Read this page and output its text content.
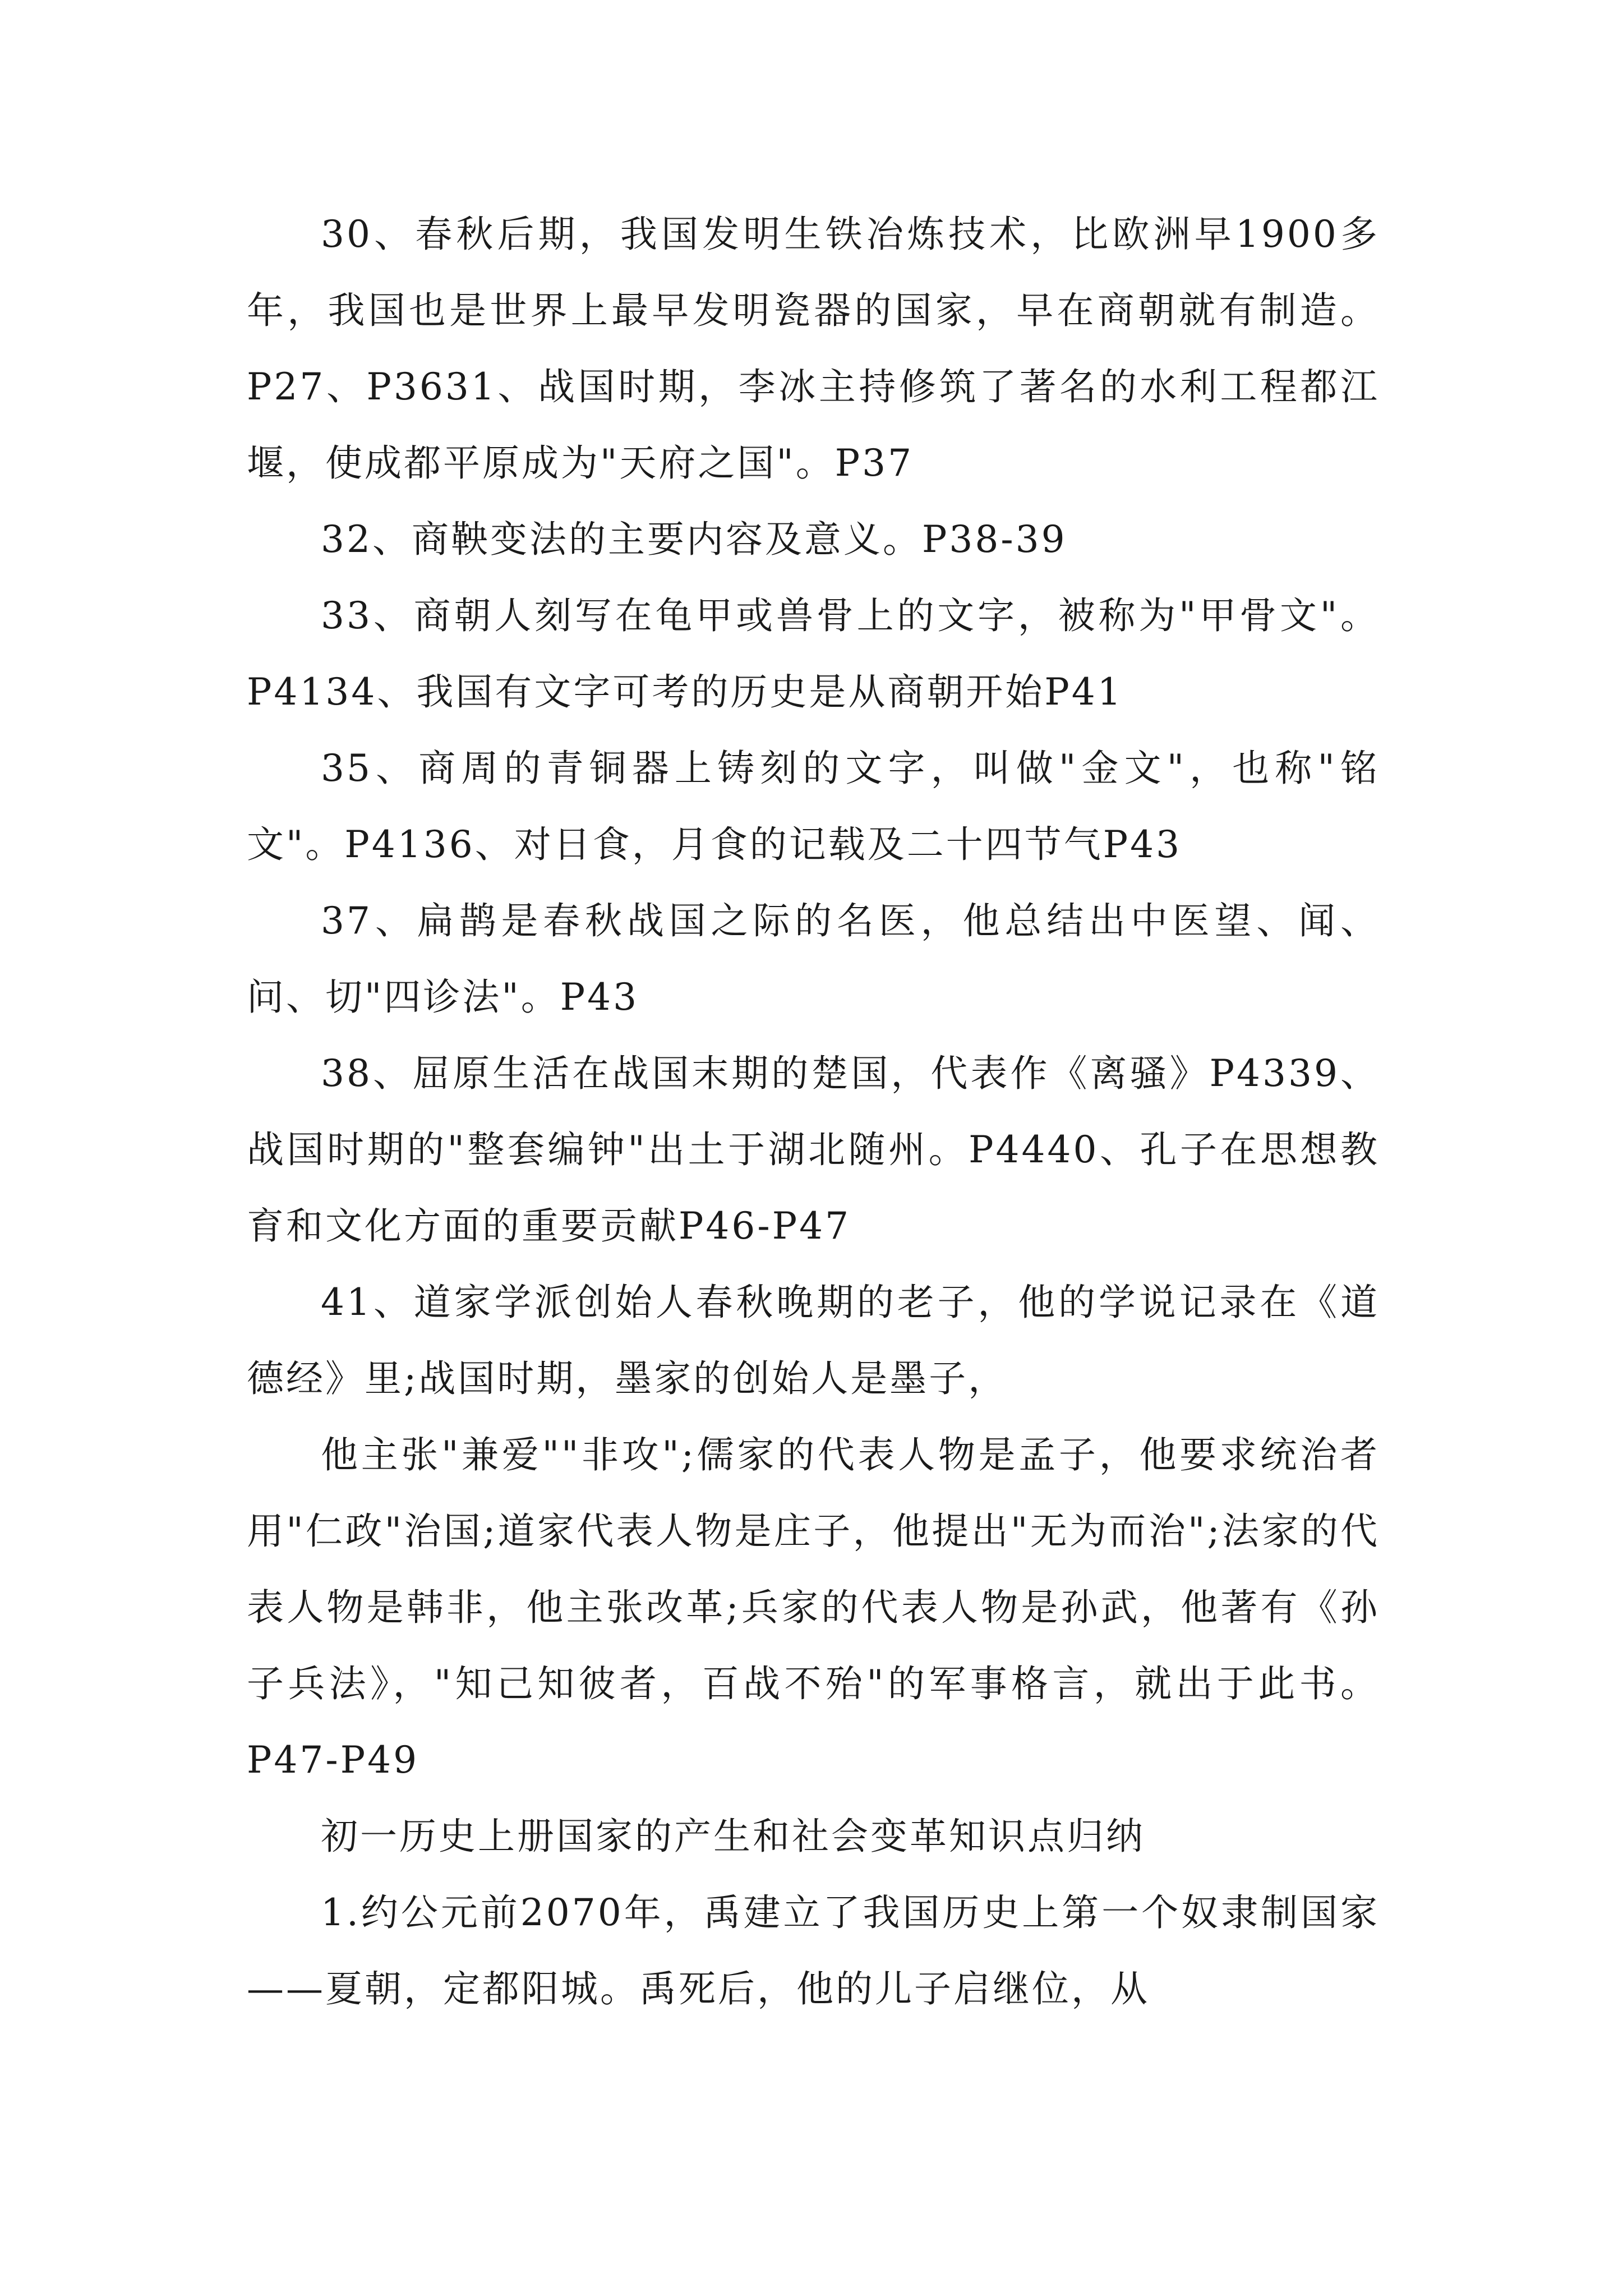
30、春秋后期，我国发明生铁冶炼技术，比欧洲早1900多年，我国也是世界上最早发明瓷器的国家，早在商朝就有制造。P27、P3631、战国时期，李冰主持修筑了著名的水利工程都江堰，使成都平原成为"天府之国"。P37

32、商鞅变法的主要内容及意义。P38-39

33、商朝人刻写在龟甲或兽骨上的文字，被称为"甲骨文"。P4134、我国有文字可考的历史是从商朝开始P41

35、商周的青铜器上铸刻的文字，叫做"金文"，也称"铭文"。P4136、对日食，月食的记载及二十四节气P43

37、扁鹊是春秋战国之际的名医，他总结出中医望、闻、问、切"四诊法"。P43

38、屈原生活在战国末期的楚国，代表作《离骚》P4339、战国时期的"整套编钟"出土于湖北随州。P4440、孔子在思想教育和文化方面的重要贡献P46-P47

41、道家学派创始人春秋晚期的老子，他的学说记录在《道德经》里;战国时期，墨家的创始人是墨子，

他主张"兼爱""非攻";儒家的代表人物是孟子，他要求统治者用"仁政"治国;道家代表人物是庄子，他提出"无为而治";法家的代表人物是韩非，他主张改革;兵家的代表人物是孙武，他著有《孙子兵法》，"知己知彼者，百战不殆"的军事格言，就出于此书。P47-P49

初一历史上册国家的产生和社会变革知识点归纳

1.约公元前2070年，禹建立了我国历史上第一个奴隶制国家——夏朝，定都阳城。禹死后，他的儿子启继位，从
